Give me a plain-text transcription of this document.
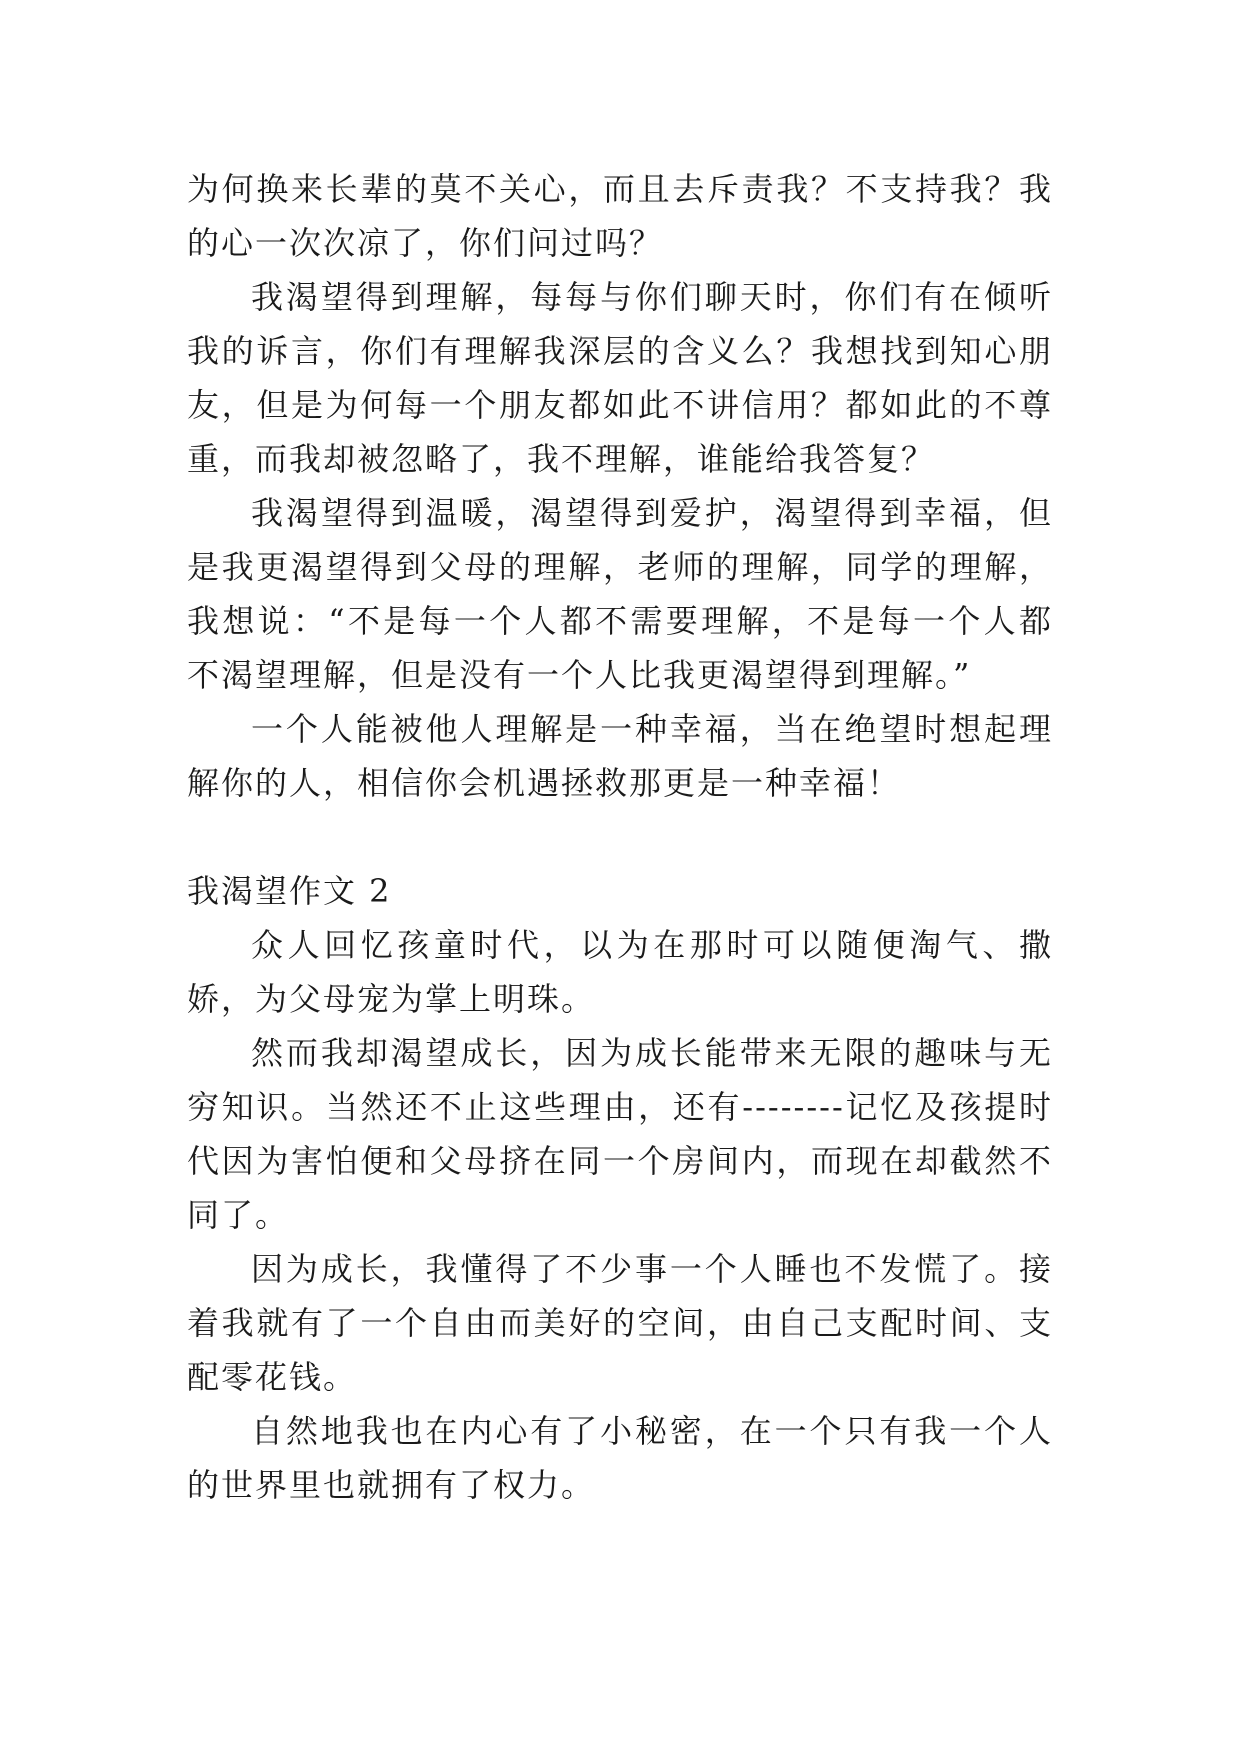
为何换来长辈的莫不关心，而且去斥责我？不支持我？我的心一次次凉了，你们问过吗？

我渴望得到理解，每每与你们聊天时，你们有在倾听我的诉言，你们有理解我深层的含义么？我想找到知心朋友，但是为何每一个朋友都如此不讲信用？都如此的不尊重，而我却被忽略了，我不理解，谁能给我答复？

我渴望得到温暖，渴望得到爱护，渴望得到幸福，但是我更渴望得到父母的理解，老师的理解，同学的理解，我想说：“不是每一个人都不需要理解，不是每一个人都不渴望理解，但是没有一个人比我更渴望得到理解。”

一个人能被他人理解是一种幸福，当在绝望时想起理解你的人，相信你会机遇拯救那更是一种幸福！

我渴望作文 2

众人回忆孩童时代，以为在那时可以随便淘气、撒娇，为父母宠为掌上明珠。

然而我却渴望成长，因为成长能带来无限的趣味与无穷知识。当然还不止这些理由，还有--------记忆及孩提时代因为害怕便和父母挤在同一个房间内，而现在却截然不同了。

因为成长，我懂得了不少事一个人睡也不发慌了。接着我就有了一个自由而美好的空间，由自己支配时间、支配零花钱。

自然地我也在内心有了小秘密，在一个只有我一个人的世界里也就拥有了权力。
